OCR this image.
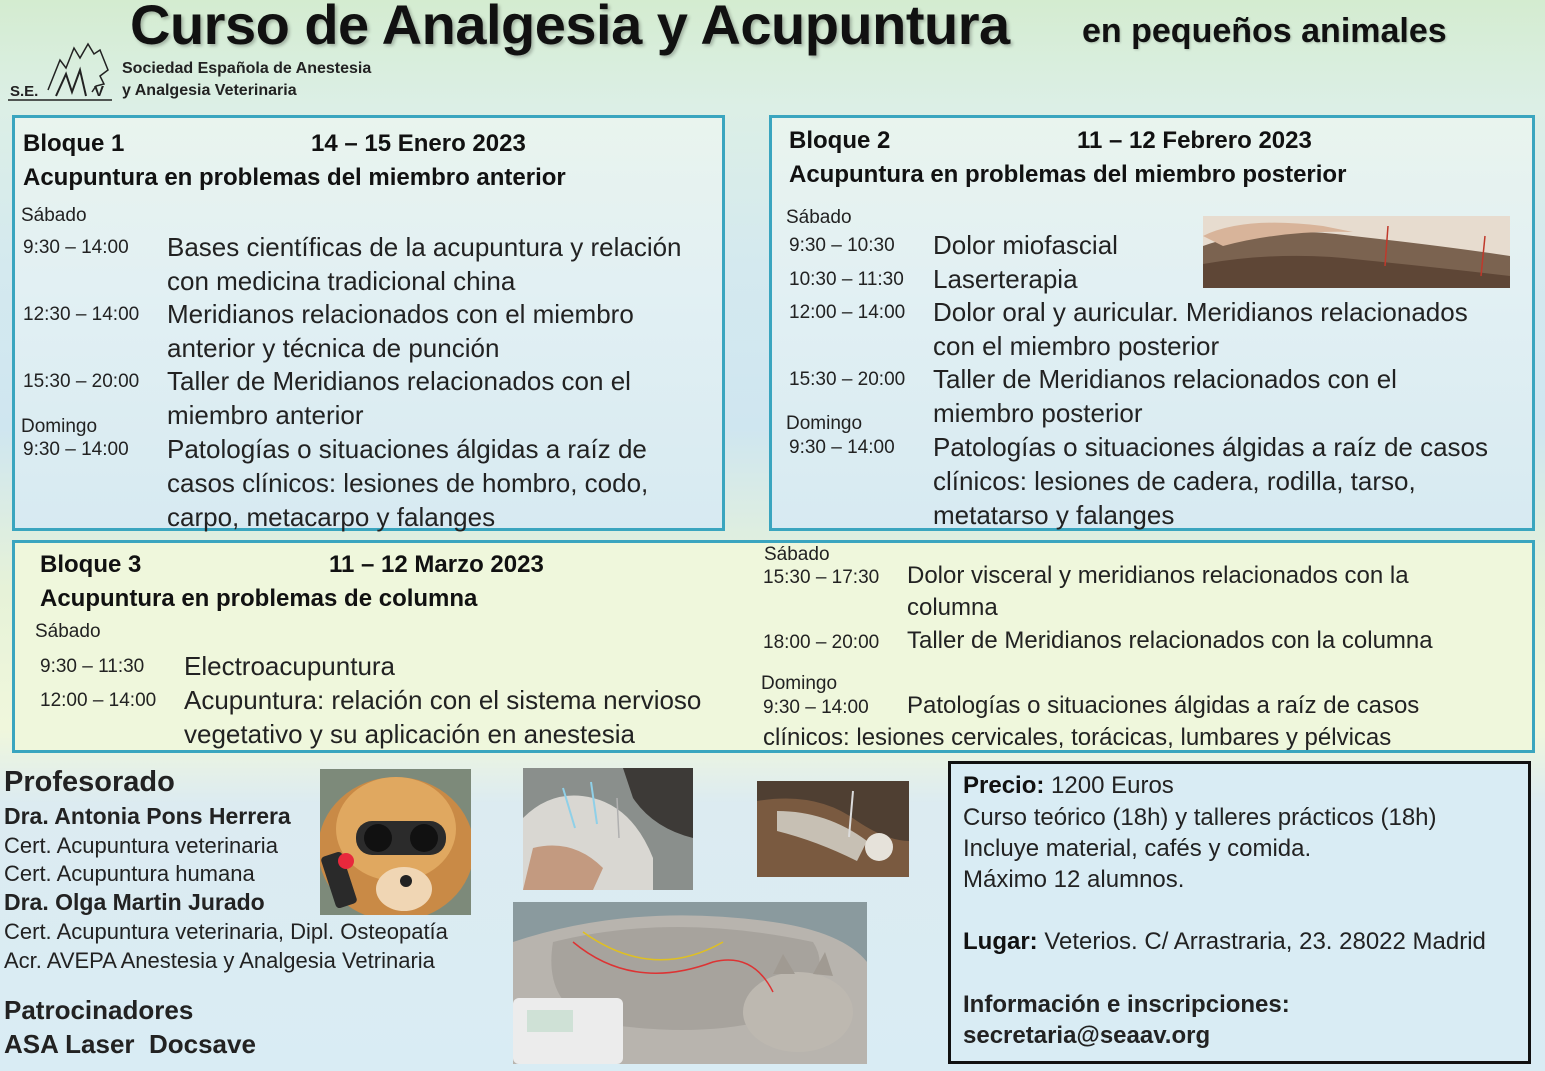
Curso de Analgesia y Acupuntura en pequeños animales
S.E.	V
Sociedad Española de Anestesia
y Analgesia Veterinaria
Bloque 1	14 – 15 Enero 2023
Acupuntura en problemas del miembro anterior
Sábado
9:30 – 14:00 Bases científicas de la acupuntura y relación
con medicina tradicional china
12:30 – 14:00 Meridianos relacionados con el miembro
anterior y técnica de punción
15:30 – 20:00 Taller de Meridianos relacionados con el
miembro anterior
Domingo
9:30 – 14:00 Patologías o situaciones álgidas a raíz de
casos clínicos: lesiones de hombro, codo,
carpo, metacarpo y falanges
Bloque 2	11 – 12 Febrero 2023
Acupuntura en problemas del miembro posterior
Sábado
9:30 – 10:30 Dolor miofascial
10:30 – 11:30 Laserterapia
12:00 – 14:00 Dolor oral y auricular. Meridianos relacionados
con el miembro posterior
15:30 – 20:00 Taller de Meridianos relacionados con el
miembro posterior
Domingo
9:30 – 14:00 Patologías o situaciones álgidas a raíz de casos
clínicos: lesiones de cadera, rodilla, tarso,
metatarso y falanges
Bloque 3	11 – 12 Marzo 2023
Acupuntura en problemas de columna
Sábado
9:30 – 11:30 Electroacupuntura
12:00 – 14:00 Acupuntura: relación con el sistema nervioso
vegetativo y su aplicación en anestesia
Sábado
15:30 – 17:30 Dolor visceral y meridianos relacionados con la
columna
18:00 – 20:00 Taller de Meridianos relacionados con la columna
Domingo
9:30 – 14:00 Patologías o situaciones álgidas a raíz de casos
clínicos: lesiones cervicales, torácicas, lumbares y pélvicas
Profesorado
Dra. Antonia Pons Herrera
Cert. Acupuntura veterinaria
Cert. Acupuntura humana
Dra. Olga Martin Jurado
Cert. Acupuntura veterinaria, Dipl. Osteopatía
Acr. AVEPA Anestesia y Analgesia Vetrinaria
Patrocinadores
ASA Laser  Docsave
Precio: 1200 Euros
Curso teórico (18h) y talleres prácticos (18h)
Incluye material, cafés y comida.
Máximo 12 alumnos.
Lugar: Veterios. C/ Arrastraria, 23. 28022 Madrid
Información e inscripciones:
secretaria@seaav.org
